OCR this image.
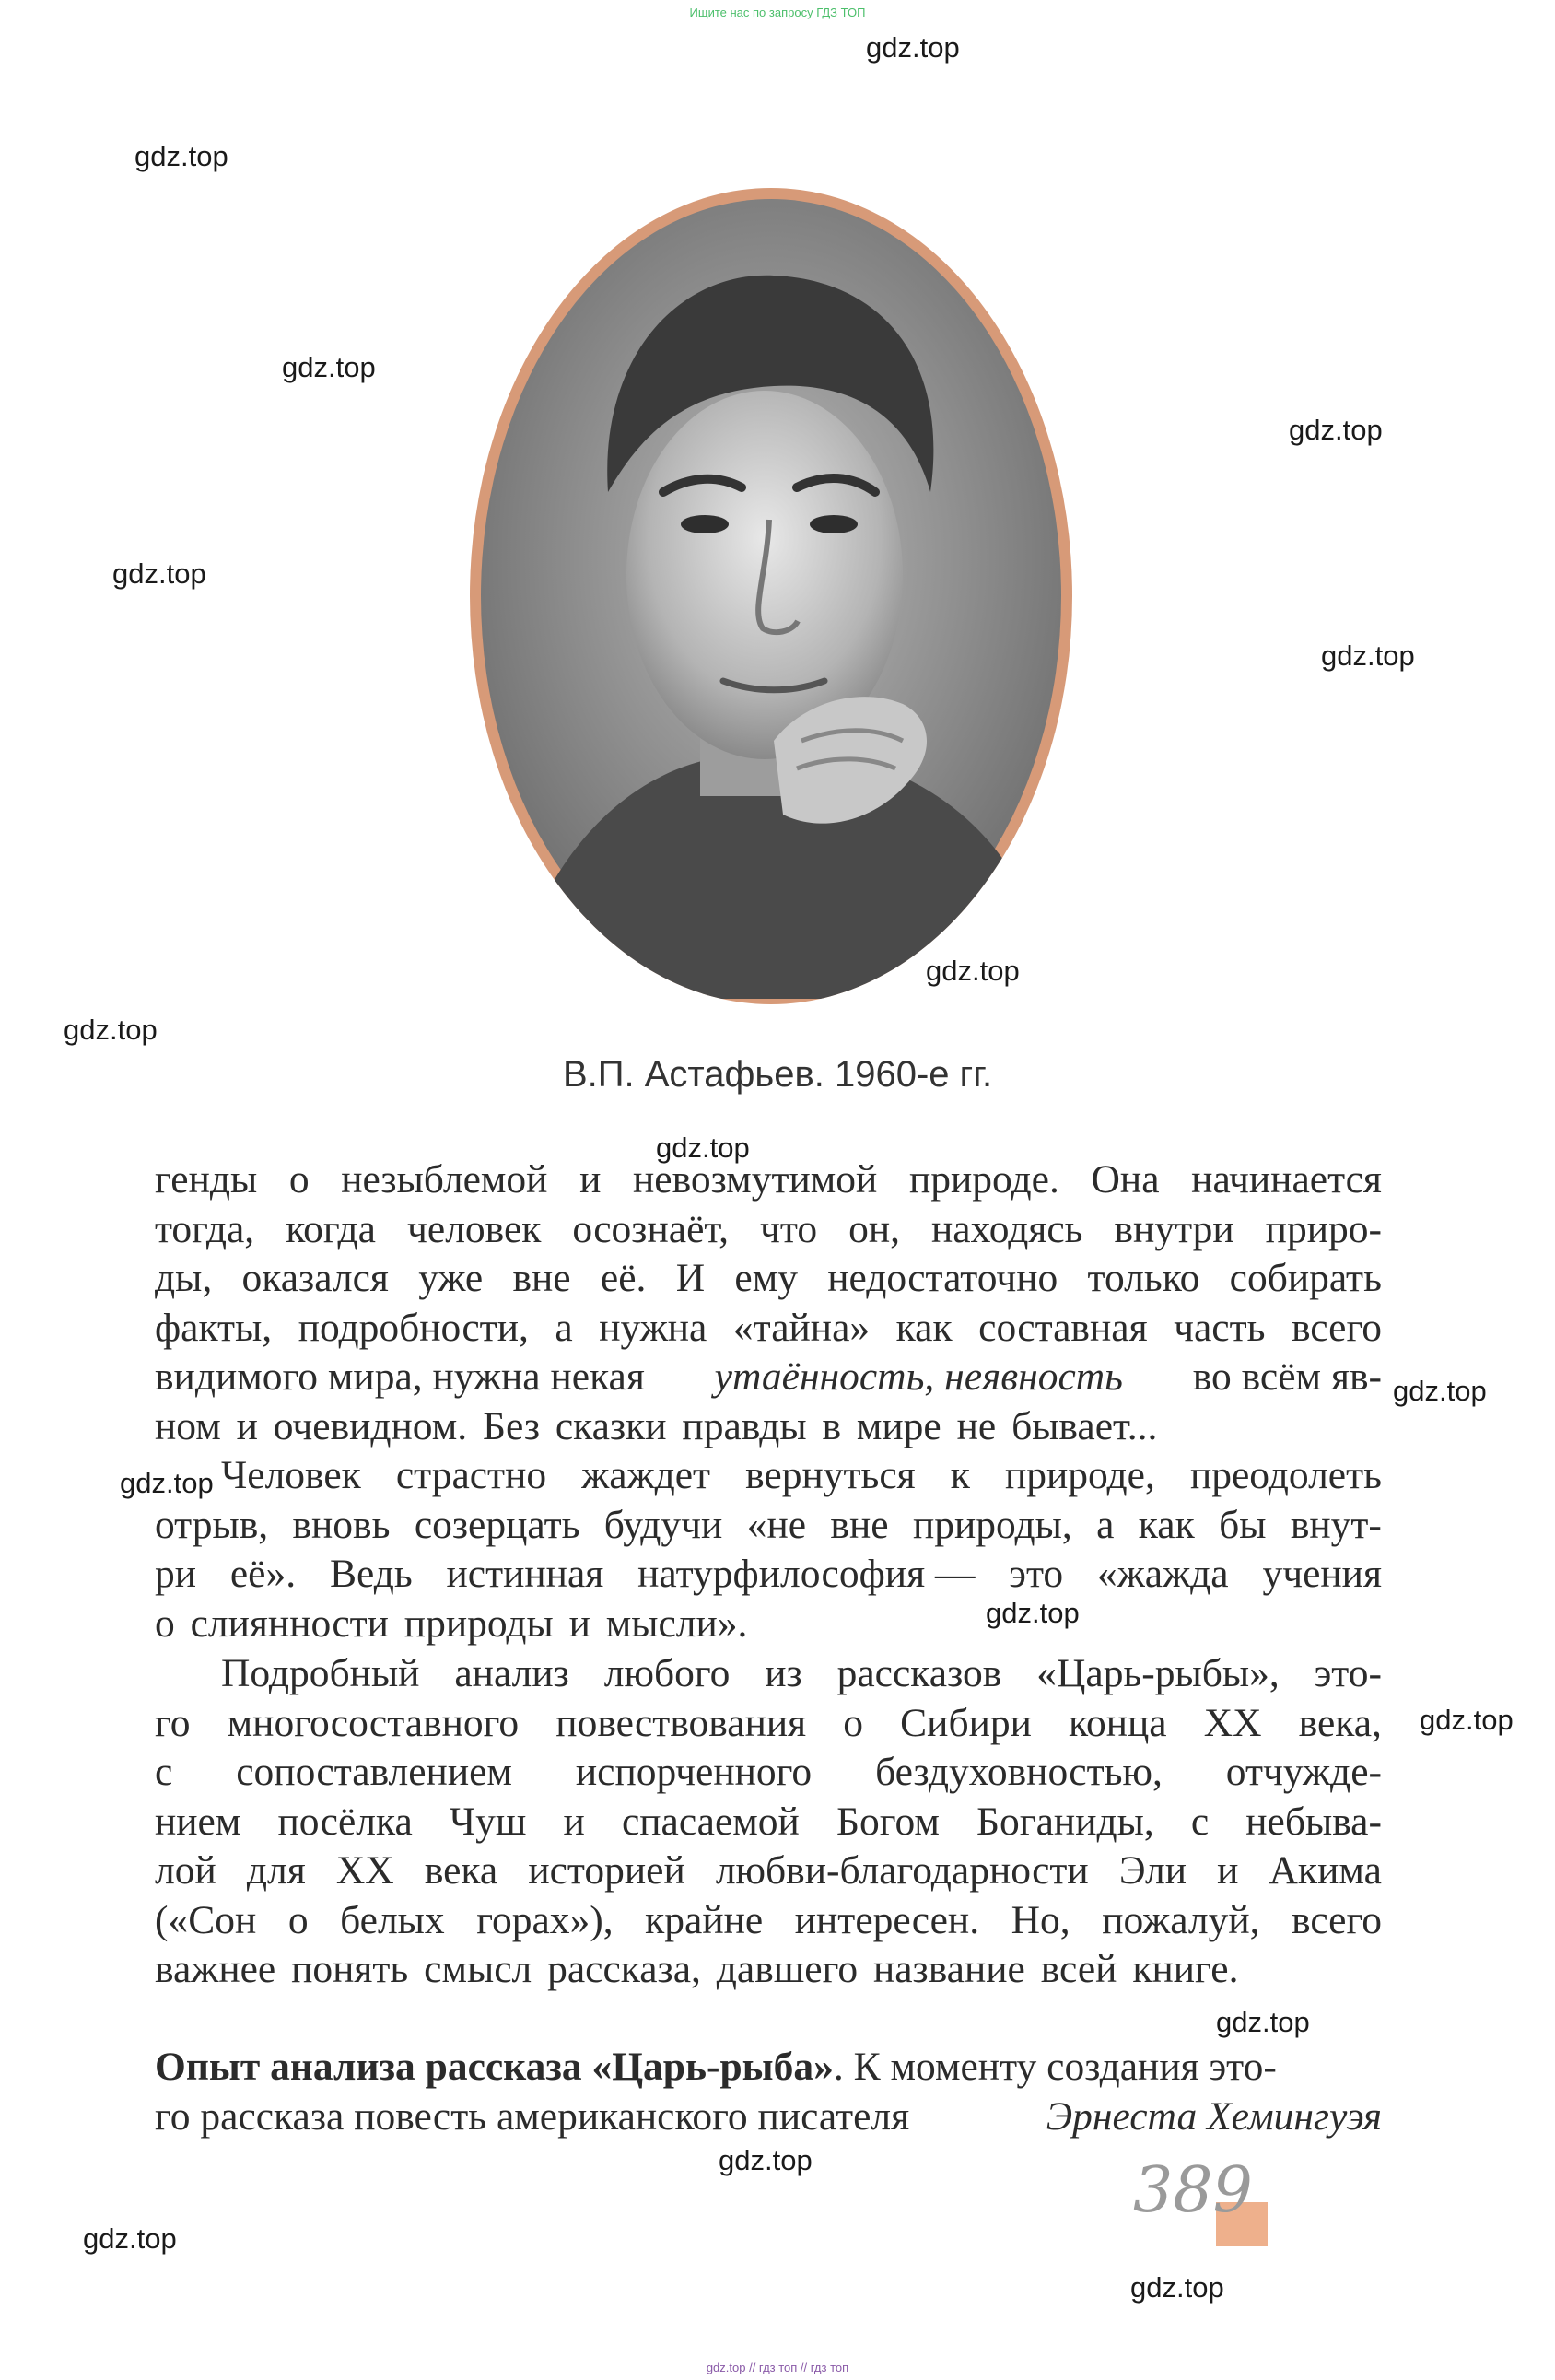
Ищите нас по запросу ГДЗ ТОП
gdz.top
gdz.top
gdz.top
gdz.top
gdz.top
gdz.top
gdz.top
gdz.top
gdz.top
gdz.top
gdz.top
gdz.top
gdz.top
gdz.top
gdz.top
gdz.top
gdz.top
В.П. Астафьев. 1960-е гг.
генды о незыблемой и невозмутимой природе. Она начинается
тогда, когда человек осознаёт, что он, находясь внутри приро-
ды, оказался уже вне её. И ему недостаточно только собирать
факты, подробности, а нужна «тайна» как составная часть всего
видимого мира, нужна некая утаённость, неявность во всём яв-
ном и очевидном. Без сказки правды в мире не бывает...
Человек страстно жаждет вернуться к природе, преодолеть
отрыв, вновь созерцать будучи «не вне природы, а как бы внут-
ри её». Ведь истинная натурфилософия — это «жажда учения
о слиянности природы и мысли».
Подробный анализ любого из рассказов «Царь-рыбы», это-
го многосоставного повествования о Сибири конца XX века,
с сопоставлением испорченного бездуховностью, отчужде-
нием посёлка Чуш и спасаемой Богом Боганиды, с небыва-
лой для XX века историей любви-благодарности Эли и Акима
(«Сон о белых горах»), крайне интересен. Но, пожалуй, всего
важнее понять смысл рассказа, давшего название всей книге.
Опыт анализа рассказа «Царь-рыба». К моменту создания это-
го рассказа повесть американского писателя	Эрнеста Хемингуэя
389
gdz.top // гдз топ // гдз топ
